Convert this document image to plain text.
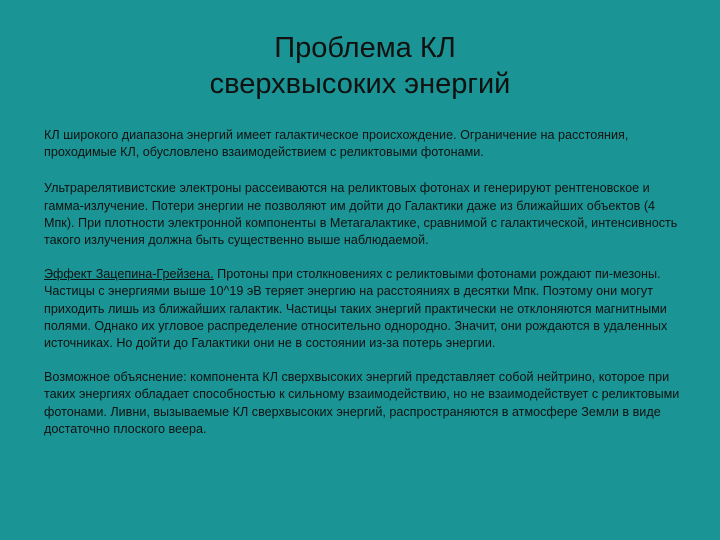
Проблема КЛ
сверхвысоких энергий

КЛ широкого диапазона энергий имеет галактическое происхождение. Ограничение на расстояния, проходимые КЛ, обусловлено взаимодействием с реликтовыми фотонами.

Ультрарелятивистские электроны рассеиваются на реликтовых фотонах и генерируют рентгеновское и гамма-излучение. Потери энергии не позволяют им дойти до Галактики даже из ближайших объектов (4 Мпк). При плотности электронной компоненты в Метагалактике, сравнимой с галактической, интенсивность такого излучения должна быть существенно выше наблюдаемой.

Эффект Зацепина-Грейзена. Протоны при столкновениях с реликтовыми фотонами рождают пи-мезоны. Частицы с энергиями выше 10^19 эВ теряет энергию на расстояниях в десятки Мпк. Поэтому они могут приходить лишь из ближайших галактик. Частицы таких энергий практически не отклоняются магнитными полями. Однако их угловое распределение относительно однородно. Значит, они рождаются в удаленных источниках. Но дойти до Галактики они не в состоянии из-за потерь энергии.

Возможное объяснение: компонента КЛ сверхвысоких энергий представляет собой нейтрино, которое при таких энергиях обладает способностью к сильному взаимодействию, но не взаимодействует с реликтовыми фотонами. Ливни, вызываемые КЛ сверхвысоких энергий, распространяются в атмосфере Земли в виде достаточно плоского веера.
